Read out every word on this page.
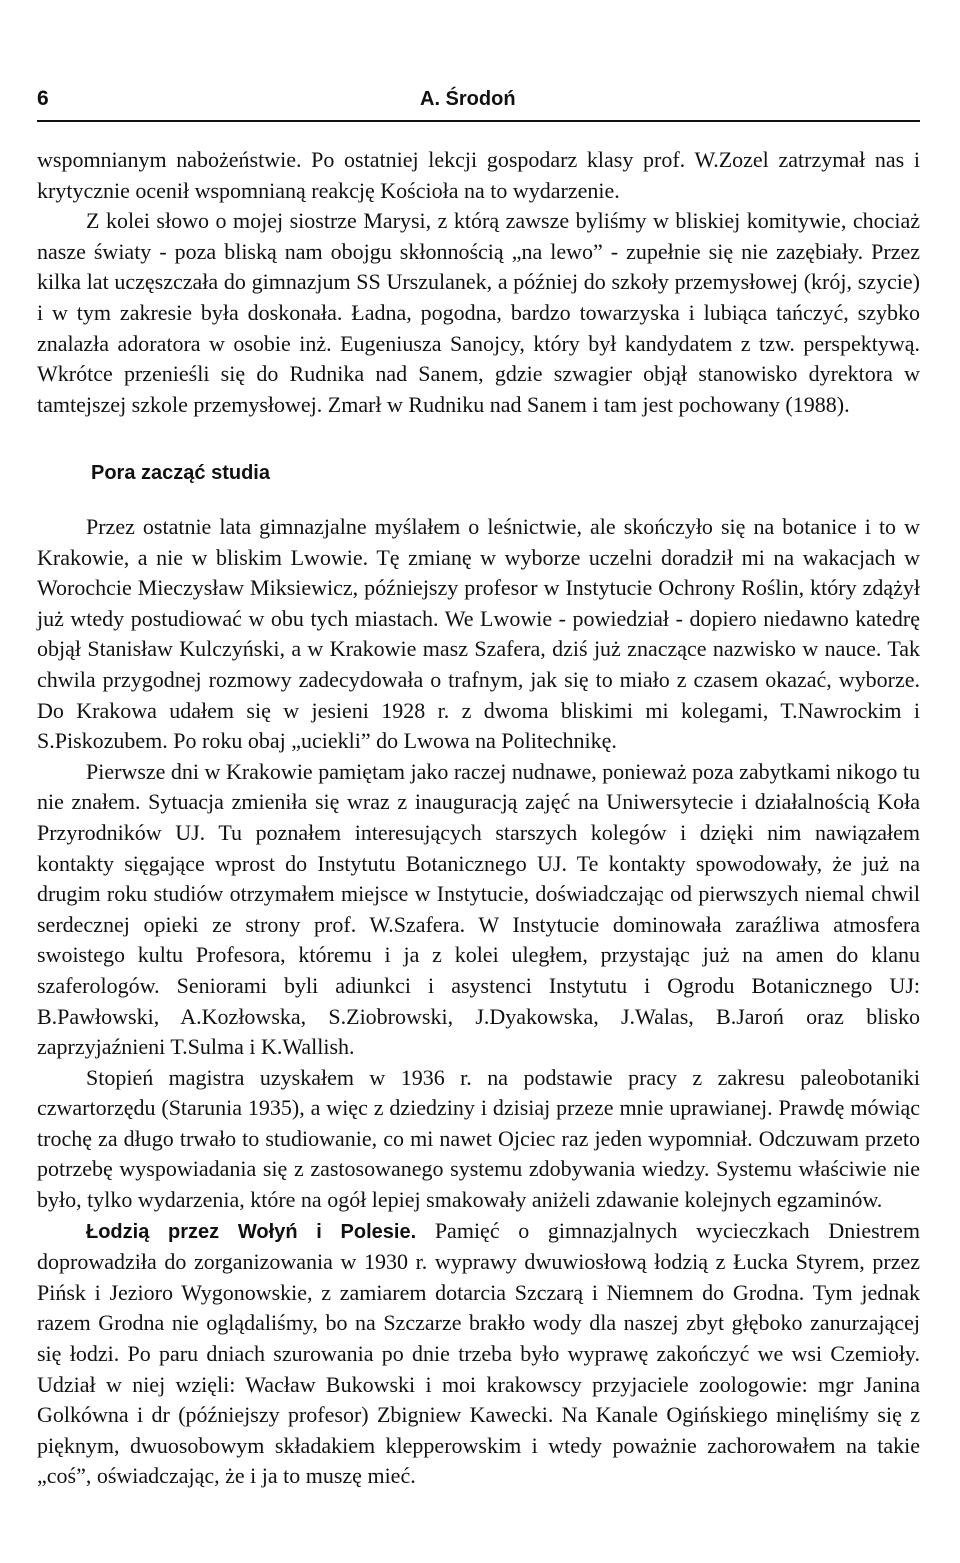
6	A. Środoń

wspomnianym nabożeństwie. Po ostatniej lekcji gospodarz klasy prof. W.Zozel zatrzymał nas i krytycznie ocenił wspomnianą reakcję Kościoła na to wydarzenie.

Z kolei słowo o mojej siostrze Marysi, z którą zawsze byliśmy w bliskiej komitywie, chociaż nasze światy - poza bliską nam obojgu skłonnością „na lewo” - zupełnie się nie zazębiały. Przez kilka lat uczęszczała do gimnazjum SS Urszulanek, a później do szkoły przemysłowej (krój, szycie) i w tym zakresie była doskonała. Ładna, pogodna, bardzo towarzyska i lubiąca tańczyć, szybko znalazła adoratora w osobie inż. Eugeniusza Sanojcy, który był kandydatem z tzw. perspektywą. Wkrótce przenieśli się do Rudnika nad Sanem, gdzie szwagier objął stanowisko dyrektora w tamtejszej szkole przemysłowej. Zmarł w Rudniku nad Sanem i tam jest pochowany (1988).

Pora zacząć studia

Przez ostatnie lata gimnazjalne myślałem o leśnictwie, ale skończyło się na botanice i to w Krakowie, a nie w bliskim Lwowie. Tę zmianę w wyborze uczelni doradził mi na wakacjach w Worochcie Mieczysław Miksiewicz, późniejszy profesor w Instytucie Ochrony Roślin, który zdążył już wtedy postudiować w obu tych miastach. We Lwowie - powiedział - dopiero niedawno katedrę objął Stanisław Kulczyński, a w Krakowie masz Szafera, dziś już znaczące nazwisko w nauce. Tak chwila przygodnej rozmowy zadecydowała o trafnym, jak się to miało z czasem okazać, wyborze. Do Krakowa udałem się w jesieni 1928 r. z dwoma bliskimi mi kolegami, T.Nawrockim i S.Piskozubem. Po roku obaj „uciekli” do Lwowa na Politechnikę.

Pierwsze dni w Krakowie pamiętam jako raczej nudnawe, ponieważ poza zabytkami nikogo tu nie znałem. Sytuacja zmieniła się wraz z inauguracją zajęć na Uniwersytecie i działalnością Koła Przyrodników UJ. Tu poznałem interesujących starszych kolegów i dzięki nim nawiązałem kontakty sięgające wprost do Instytutu Botanicznego UJ. Te kontakty spowodowały, że już na drugim roku studiów otrzymałem miejsce w Instytucie, doświadczając od pierwszych niemal chwil serdecznej opieki ze strony prof. W.Szafera. W Instytucie dominowała zaraźliwa atmosfera swoistego kultu Profesora, któremu i ja z kolei uległem, przystając już na amen do klanu szaferologów. Seniorami byli adiunkci i asystenci Instytutu i Ogrodu Botanicznego UJ: B.Pawłowski, A.Kozłowska, S.Ziobrowski, J.Dyakowska, J.Walas, B.Jaroń oraz blisko zaprzyjaźnieni T.Sulma i K.Wallish.

Stopień magistra uzyskałem w 1936 r. na podstawie pracy z zakresu paleobotaniki czwartorzędu (Starunia 1935), a więc z dziedziny i dzisiaj przeze mnie uprawianej. Prawdę mówiąc trochę za długo trwało to studiowanie, co mi nawet Ojciec raz jeden wypomniał. Odczuwam przeto potrzebę wyspowiadania się z zastosowanego systemu zdobywania wiedzy. Systemu właściwie nie było, tylko wydarzenia, które na ogół lepiej smakowały aniżeli zdawanie kolejnych egzaminów.

Łodzią przez Wołyń i Polesie. Pamięć o gimnazjalnych wycieczkach Dniestrem doprowadziła do zorganizowania w 1930 r. wyprawy dwuwiosłową łodzią z Łucka Styrem, przez Pińsk i Jezioro Wygonowskie, z zamiarem dotarcia Szczarą i Niemnem do Grodna. Tym jednak razem Grodna nie oglądaliśmy, bo na Szczarze brakło wody dla naszej zbyt głęboko zanurzającej się łodzi. Po paru dniach szurowania po dnie trzeba było wyprawę zakończyć we wsi Czemioły. Udział w niej wzięli: Wacław Bukowski i moi krakowscy przyjaciele zoologowie: mgr Janina Golkówna i dr (późniejszy profesor) Zbigniew Kawecki. Na Kanale Ogińskiego minęliśmy się z pięknym, dwuosobowym składakiem klepperowskim i wtedy poważnie zachorowałem na takie „coś”, oświadczając, że i ja to muszę mieć.
